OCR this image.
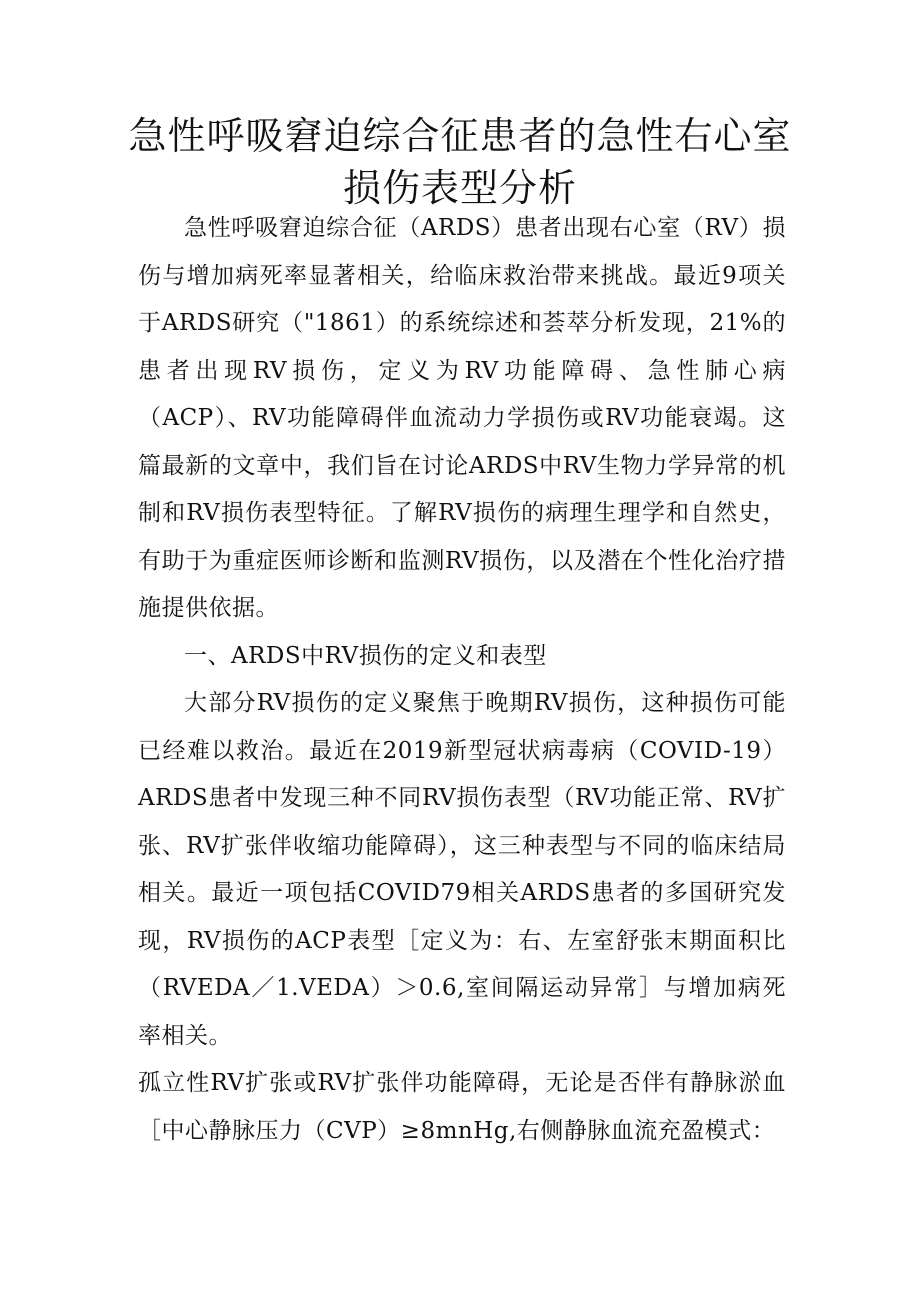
急性呼吸窘迫综合征患者的急性右心室损伤表型分析

急性呼吸窘迫综合征（ARDS）患者出现右心室（RV）损伤与增加病死率显著相关，给临床救治带来挑战。最近9项关于ARDS研究（"1861）的系统综述和荟萃分析发现，21%的患者出现RV损伤，定义为RV功能障碍、急性肺心病（ACP）、RV功能障碍伴血流动力学损伤或RV功能衰竭。这篇最新的文章中，我们旨在讨论ARDS中RV生物力学异常的机制和RV损伤表型特征。了解RV损伤的病理生理学和自然史，有助于为重症医师诊断和监测RV损伤，以及潜在个性化治疗措施提供依据。

一、ARDS中RV损伤的定义和表型

大部分RV损伤的定义聚焦于晚期RV损伤，这种损伤可能已经难以救治。最近在2019新型冠状病毒病（COVID-19）ARDS患者中发现三种不同RV损伤表型（RV功能正常、RV扩张、RV扩张伴收缩功能障碍），这三种表型与不同的临床结局相关。最近一项包括COVID79相关ARDS患者的多国研究发现，RV损伤的ACP表型［定义为：右、左室舒张末期面积比（RVEDA／1.VEDA）＞0.6,室间隔运动异常］与增加病死率相关。

孤立性RV扩张或RV扩张伴功能障碍，无论是否伴有静脉淤血［中心静脉压力（CVP）≥8mnHg,右侧静脉血流充盈模式：
